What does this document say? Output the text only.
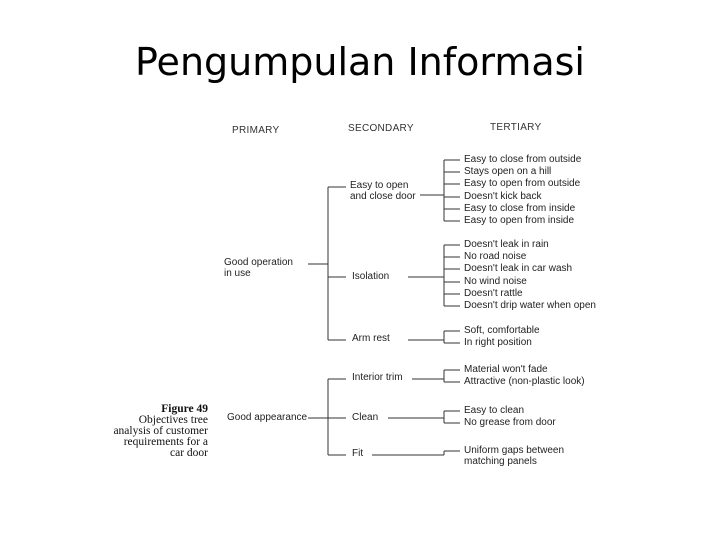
Pengumpulan Informasi
PRIMARY	SECONDARY	TERTIARY
Good operation
in use
Good appearance
Easy to open
and close door
Isolation
Arm rest
Interior trim
Clean
Fit
Easy to close from outside
Stays open on a hill
Easy to open from outside
Doesn't kick back
Easy to close from inside
Easy to open from inside
Doesn't leak in rain
No road noise
Doesn't leak in car wash
No wind noise
Doesn't rattle
Doesn't drip water when open
Soft, comfortable
In right position
Material won't fade
Attractive (non-plastic look)
Easy to clean
No grease from door
Uniform gaps between
matching panels
Figure 49
Objectives tree
analysis of customer
requirements for a
car door
